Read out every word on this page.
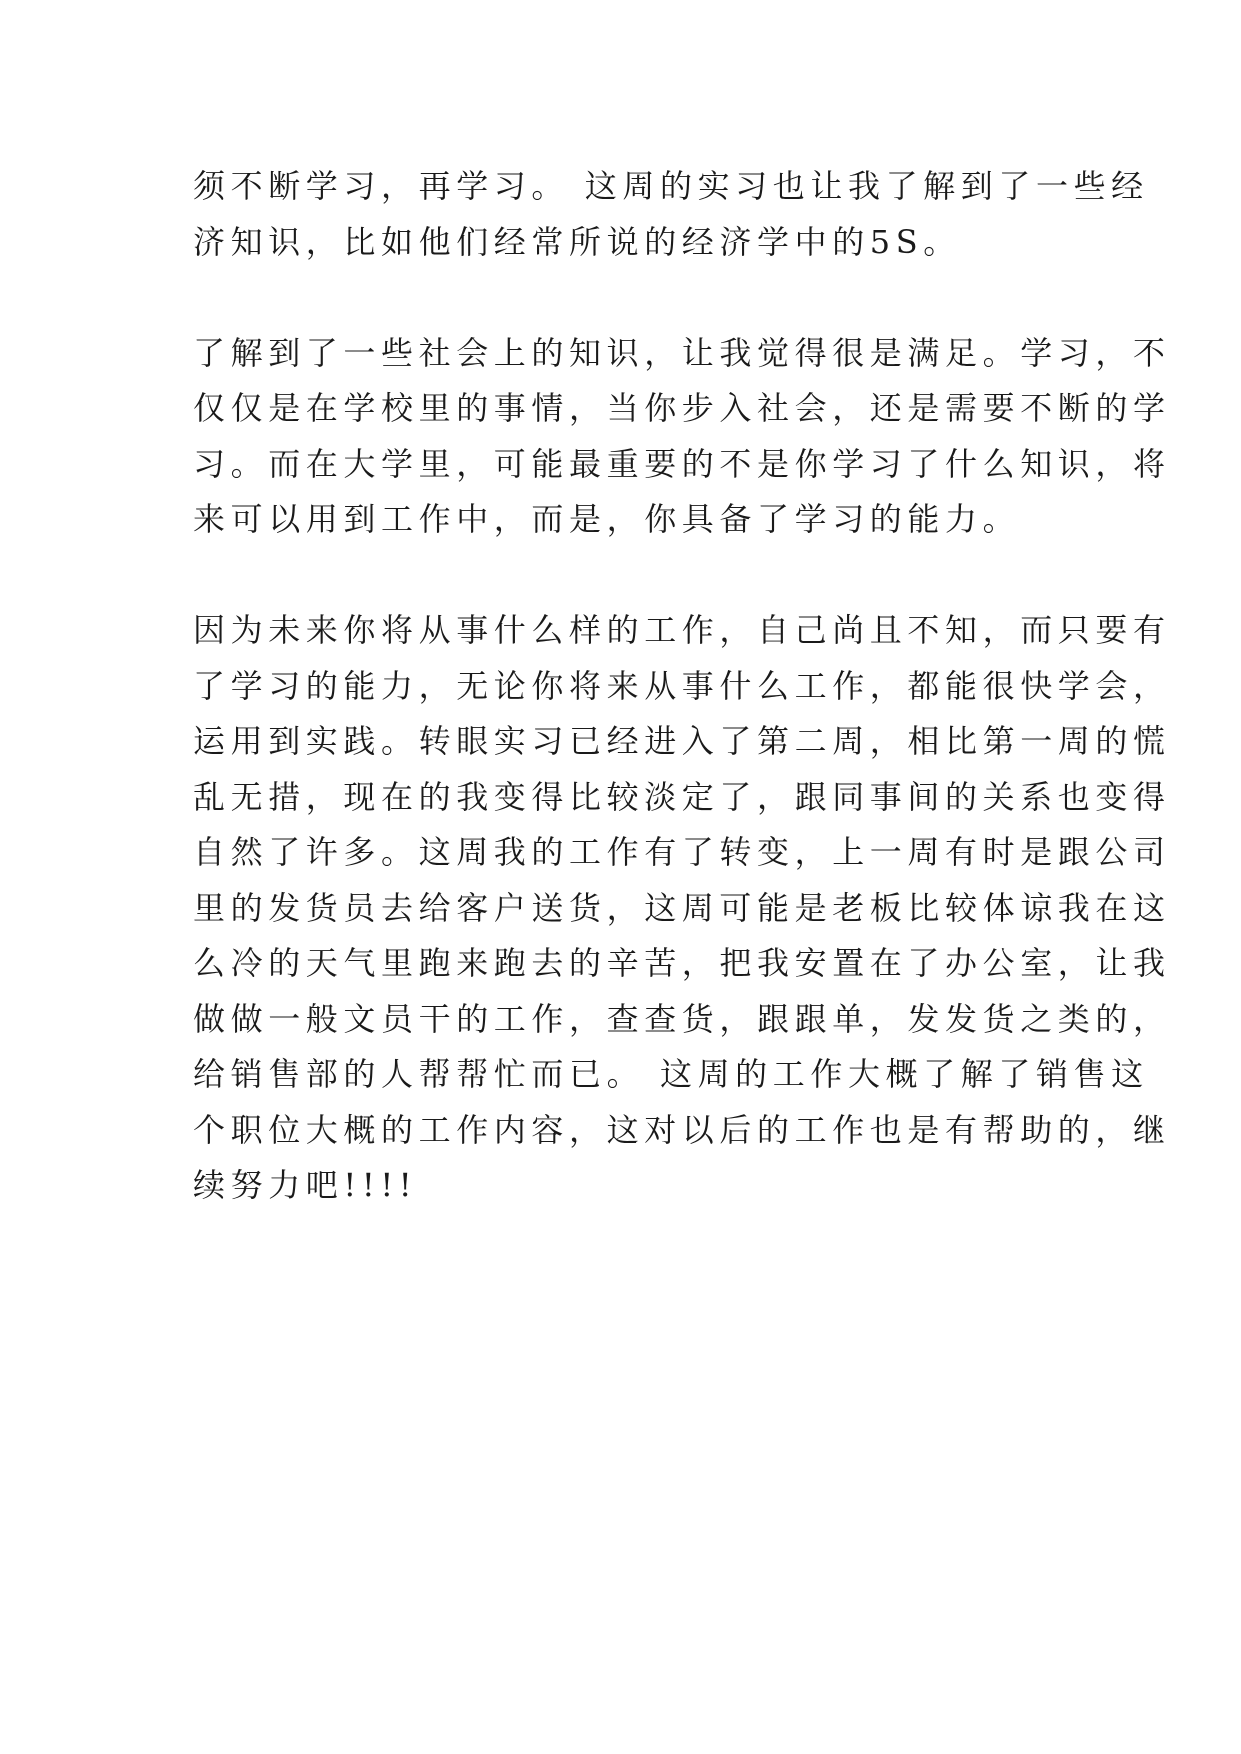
须不断学习，再学习。 这周的实习也让我了解到了一些经
济知识，比如他们经常所说的经济学中的5S。
了解到了一些社会上的知识，让我觉得很是满足。学习，不
仅仅是在学校里的事情，当你步入社会，还是需要不断的学
习。而在大学里，可能最重要的不是你学习了什么知识，将
来可以用到工作中，而是，你具备了学习的能力。
因为未来你将从事什么样的工作，自己尚且不知，而只要有
了学习的能力，无论你将来从事什么工作，都能很快学会，
运用到实践。转眼实习已经进入了第二周，相比第一周的慌
乱无措，现在的我变得比较淡定了，跟同事间的关系也变得
自然了许多。这周我的工作有了转变，上一周有时是跟公司
里的发货员去给客户送货，这周可能是老板比较体谅我在这
么冷的天气里跑来跑去的辛苦，把我安置在了办公室，让我
做做一般文员干的工作，查查货，跟跟单，发发货之类的，
给销售部的人帮帮忙而已。 这周的工作大概了解了销售这
个职位大概的工作内容，这对以后的工作也是有帮助的，继
续努力吧!!!!
